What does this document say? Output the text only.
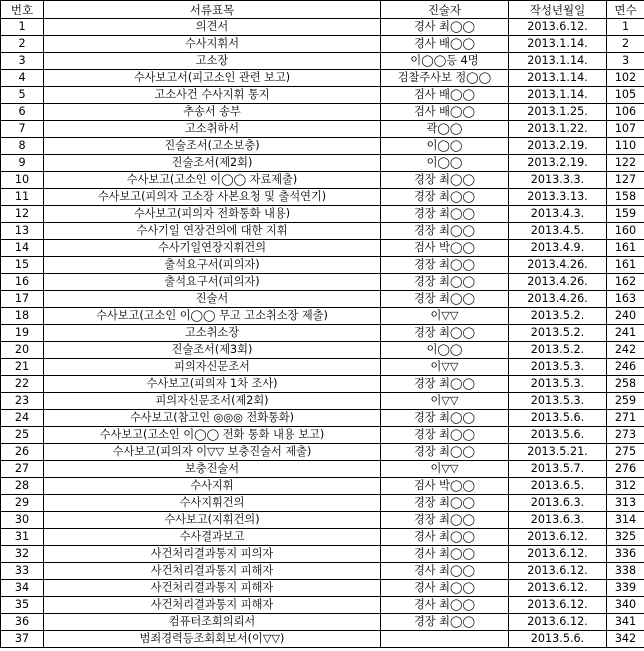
번호	서류표목	진술자	작성년월일	면수
1	의견서	경사 최◯◯	2013.6.12.	1
2	수사지휘서	경사 배◯◯	2013.1.14.	2
3	고소장	이◯◯등 4명	2013.1.14.	3
4	수사보고서(피고소인 관련 보고)	검찰주사보 정◯◯	2013.1.14.	102
5	고소사건 수사지휘 통지	검사 배◯◯	2013.1.14.	105
6	추송서 송부	검사 배◯◯	2013.1.25.	106
7	고소취하서	곽◯◯	2013.1.22.	107
8	진술조서(고소보충)	이◯◯	2013.2.19.	110
9	진술조서(제2회)	이◯◯	2013.2.19.	122
10	수사보고(고소인 이◯◯ 자료제출)	경장 최◯◯	2013.3.3.	127
11	수사보고(피의자 고소장 사본요청 및 출석연기)	경장 최◯◯	2013.3.13.	158
12	수사보고(피의자 전화통화 내용)	경장 최◯◯	2013.4.3.	159
13	수사기일 연장건의에 대한 지휘	경장 최◯◯	2013.4.5.	160
14	수사기일연장지휘건의	검사 박◯◯	2013.4.9.	161
15	출석요구서(피의자)	경장 최◯◯	2013.4.26.	161
16	출석요구서(피의자)	경장 최◯◯	2013.4.26.	162
17	진술서	경장 최◯◯	2013.4.26.	163
18	수사보고(고소인 이◯◯ 무고 고소취소장 제출)	이▽▽	2013.5.2.	240
19	고소취소장	경장 최◯◯	2013.5.2.	241
20	진술조서(제3회)	이◯◯	2013.5.2.	242
21	피의자신문조서	이▽▽	2013.5.3.	246
22	수사보고(피의자 1차 조사)	경장 최◯◯	2013.5.3.	258
23	피의자신문조서(제2회)	이▽▽	2013.5.3.	259
24	수사보고(참고인 ◎◎◎ 전화통화)	경장 최◯◯	2013.5.6.	271
25	수사보고(고소인 이◯◯ 전화 통화 내용 보고)	경장 최◯◯	2013.5.6.	273
26	수사보고(피의자 이▽▽ 보충진술서 제출)	경장 최◯◯	2013.5.21.	275
27	보충진술서	이▽▽	2013.5.7.	276
28	수사지휘	검사 박◯◯	2013.6.5.	312
29	수사지휘건의	경장 최◯◯	2013.6.3.	313
30	수사보고(지휘건의)	경장 최◯◯	2013.6.3.	314
31	수사결과보고	경사 최◯◯	2013.6.12.	325
32	사건처리결과통지 피의자	경사 최◯◯	2013.6.12.	336
33	사건처리결과통지 피해자	경사 최◯◯	2013.6.12.	338
34	사건처리결과통지 피해자	경사 최◯◯	2013.6.12.	339
35	사건처리결과통지 피해자	경사 최◯◯	2013.6.12.	340
36	컴퓨터조회의뢰서	경장 최◯◯	2013.6.12.	341
37	범죄경력등조회회보서(이▽▽)		2013.5.6.	342
